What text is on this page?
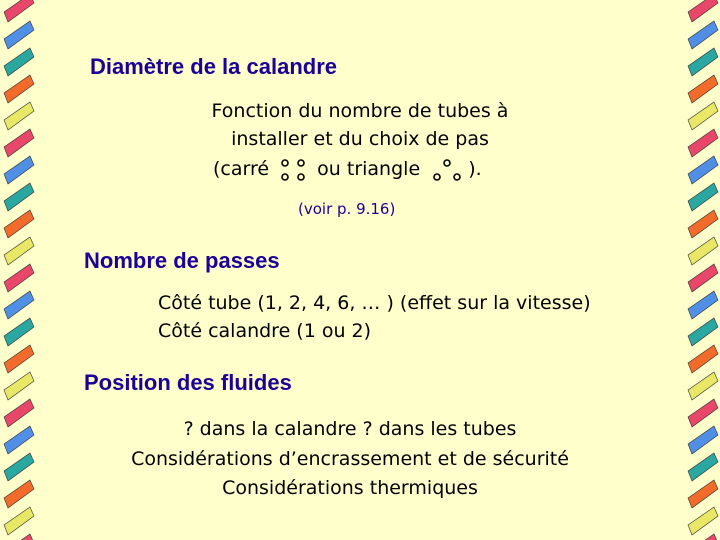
Diamètre de la calandre

Fonction du nombre de tubes à

installer et du choix de pas

(carré	ou triangle	).

(voir p. 9.16)

Nombre de passes

Côté tube (1, 2, 4, 6, … ) (effet sur la vitesse)

Côté calandre (1 ou 2)

Position des fluides

? dans la calandre ? dans les tubes

Considérations d’encrassement et de sécurité

Considérations thermiques
